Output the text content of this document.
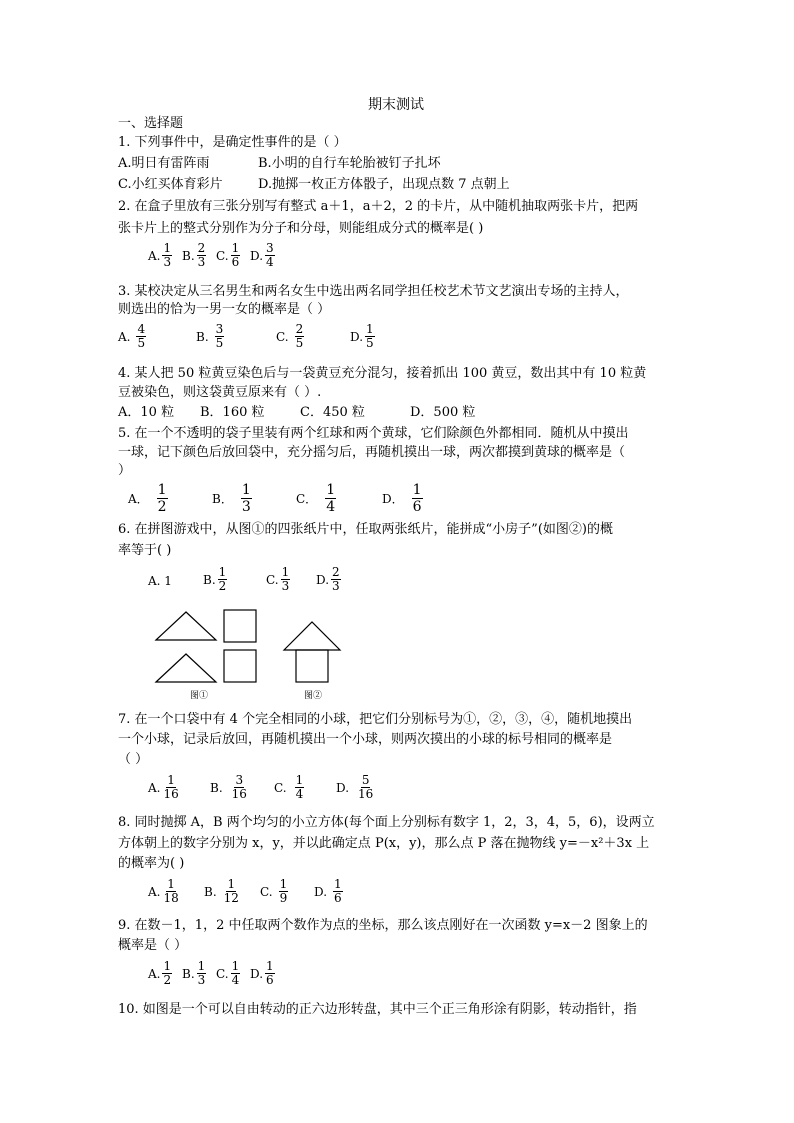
期末测试
一、选择题
1. 下列事件中，是确定性事件的是（ ）
A.明日有雷阵雨	B.小明的自行车轮胎被钉子扎坏
C.小红买体育彩片	D.抛掷一枚正方体骰子，出现点数 7 点朝上
2. 在盒子里放有三张分别写有整式 a＋1，a＋2，2 的卡片，从中随机抽取两张卡片，把两
张卡片上的整式分别作为分子和分母，则能组成分式的概率是( )
A. $\frac{1}{3} B$. $\frac{2}{3} C$. $\frac{1}{6} D$. $\frac{3}{4}$
3. 某校决定从三名男生和两名女生中选出两名同学担任校艺术节文艺演出专场的主持人，
则选出的恰为一男一女的概率是（ ）
A. $\frac{4}{5}$	B. $\frac{3}{5}$	C. $\frac{2}{5}$	D. $\frac{1}{5}$
4. 某人把 50 粒黄豆染色后与一袋黄豆充分混匀，接着抓出 100 黄豆，数出其中有 10 粒黄
豆被染色，则这袋黄豆原来有（ ）.
A．10 粒 B．160 粒	C．450 粒	D．500 粒
5. 在一个不透明的袋子里装有两个红球和两个黄球，它们除颜色外都相同．随机从中摸出
一球，记下颜色后放回袋中，充分摇匀后，再随机摸出一球，两次都摸到黄球的概率是（
）
A． $\frac{1}{2}$	B． $\frac{1}{3}$	C． $\frac{1}{4}$	D． $\frac{1}{6}$
6. 在拼图游戏中，从图①的四张纸片中，任取两张纸片，能拼成“小房子”(如图②)的概
率等于( )
A. 1	B. $\frac{1}{2}$	C. $\frac{1}{3} D$. $\frac{2}{3}$
图①	图②
7. 在一个口袋中有 4 个完全相同的小球，把它们分别标号为①，②，③，④，随机地摸出
一个小球，记录后放回，再随机摸出一个小球，则两次摸出的小球的标号相同的概率是
（ ）
A. $\frac{1}{16}$	B. $\frac{3}{16} C$. $\frac{1}{4}$	D. $\frac{5}{16}$
8. 同时抛掷 A，B 两个均匀的小立方体(每个面上分别标有数字 1，2，3，4，5，6)，设两立
方体朝上的数字分别为 x，y，并以此确定点 P(x，y)，那么点 P 落在抛物线 y=－x²＋3x 上
的概率为( )
A. $\frac{1}{18} B$. $\frac{1}{12} C$. $\frac{1}{9} D$. $\frac{1}{6}$
9. 在数－1，1，2 中任取两个数作为点的坐标，那么该点刚好在一次函数 y=x－2 图象上的
概率是（ ）
A. $\frac{1}{2} B$. $\frac{1}{3} C$. $\frac{1}{4} D$. $\frac{1}{6}$
10. 如图是一个可以自由转动的正六边形转盘，其中三个正三角形涂有阴影，转动指针，指
